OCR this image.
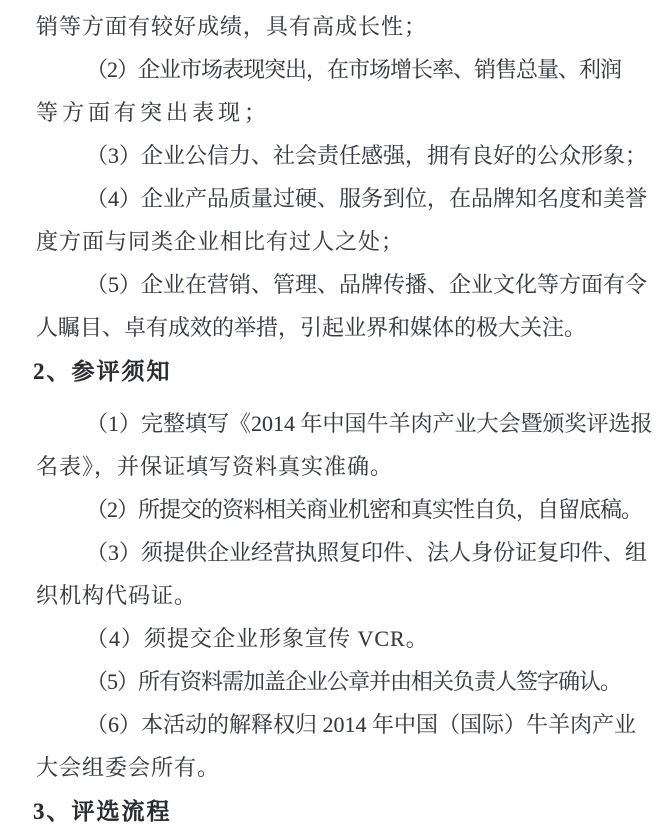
销等方面有较好成绩，具有高成长性；
（2）企业市场表现突出，在市场增长率、销售总量、利润
等方面有突出表现；
（3）企业公信力、社会责任感强，拥有良好的公众形象；
（4）企业产品质量过硬、服务到位，在品牌知名度和美誉
度方面与同类企业相比有过人之处；
（5）企业在营销、管理、品牌传播、企业文化等方面有令
人瞩目、卓有成效的举措，引起业界和媒体的极大关注。
2、参评须知
（1）完整填写《2014 年中国牛羊肉产业大会暨颁奖评选报
名表》，并保证填写资料真实准确。
（2）所提交的资料相关商业机密和真实性自负，自留底稿。
（3）须提供企业经营执照复印件、法人身份证复印件、组
织机构代码证。
（4）须提交企业形象宣传 VCR。
（5）所有资料需加盖企业公章并由相关负责人签字确认。
（6）本活动的解释权归 2014 年中国（国际）牛羊肉产业
大会组委会所有。
3、评选流程
